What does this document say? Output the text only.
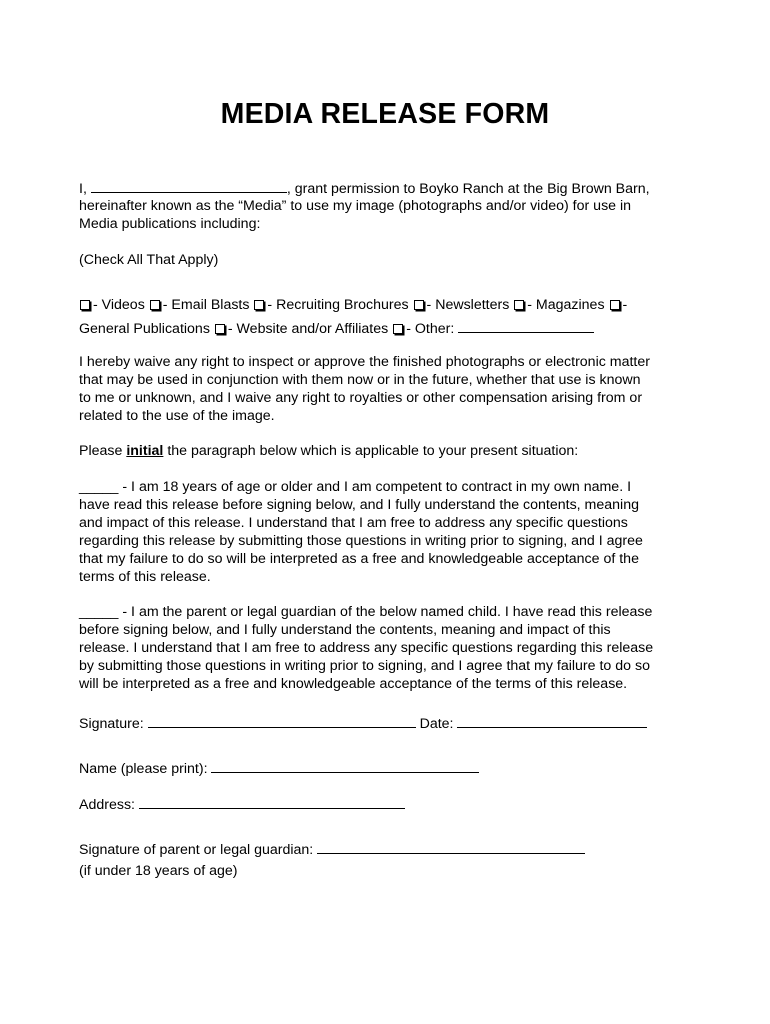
MEDIA RELEASE FORM
I,	, grant permission to Boyko Ranch at the Big Brown Barn,
hereinafter known as the “Media” to use my image (photographs and/or video) for use in
Media publications including:
(Check All That Apply)
- Videos - Email Blasts - Recruiting Brochures - Newsletters - Magazines -
General Publications - Website and/or Affiliates - Other:
I hereby waive any right to inspect or approve the finished photographs or electronic matter
that may be used in conjunction with them now or in the future, whether that use is known
to me or unknown, and I waive any right to royalties or other compensation arising from or
related to the use of the image.
Please initial the paragraph below which is applicable to your present situation:
_____ - I am 18 years of age or older and I am competent to contract in my own name. I
have read this release before signing below, and I fully understand the contents, meaning
and impact of this release. I understand that I am free to address any specific questions
regarding this release by submitting those questions in writing prior to signing, and I agree
that my failure to do so will be interpreted as a free and knowledgeable acceptance of the
terms of this release.
_____ - I am the parent or legal guardian of the below named child. I have read this release
before signing below, and I fully understand the contents, meaning and impact of this
release. I understand that I am free to address any specific questions regarding this release
by submitting those questions in writing prior to signing, and I agree that my failure to do so
will be interpreted as a free and knowledgeable acceptance of the terms of this release.
Signature:	Date:
Name (please print):
Address:
Signature of parent or legal guardian:
(if under 18 years of age)
